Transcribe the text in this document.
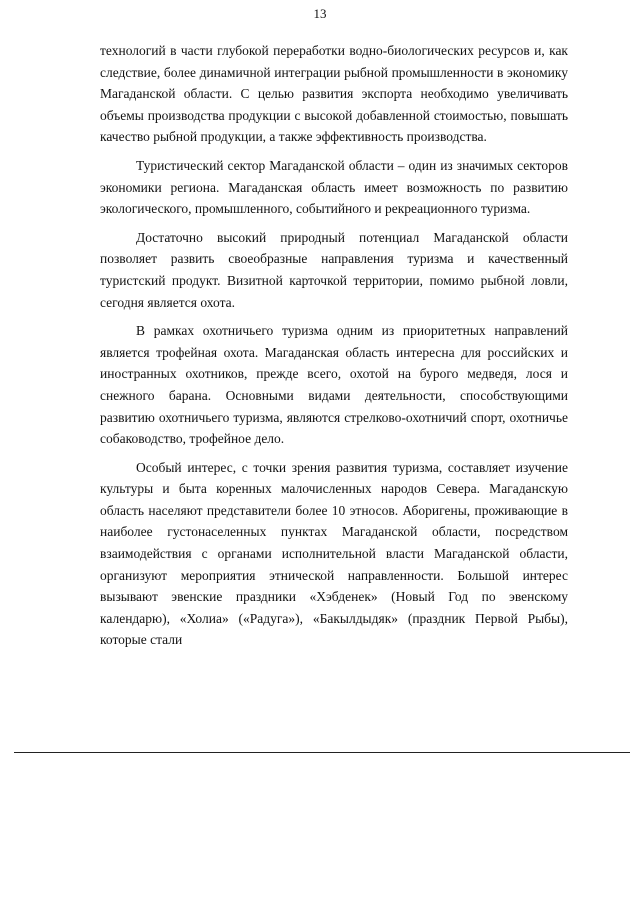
13

технологий в части глубокой переработки водно-биологических ресурсов и, как следствие, более динамичной интеграции рыбной промышленности в экономику Магаданской области. С целью развития экспорта необходимо увеличивать объемы производства продукции с высокой добавленной стоимостью, повышать качество рыбной продукции, а также эффективность производства.

Туристический сектор Магаданской области – один из значимых секторов экономики региона. Магаданская область имеет возможность по развитию экологического, промышленного, событийного и рекреационного туризма.

Достаточно высокий природный потенциал Магаданской области позволяет развить своеобразные направления туризма и качественный туристский продукт. Визитной карточкой территории, помимо рыбной ловли, сегодня является охота.

В рамках охотничьего туризма одним из приоритетных направлений является трофейная охота. Магаданская область интересна для российских и иностранных охотников, прежде всего, охотой на бурого медведя, лося и снежного барана. Основными видами деятельности, способствующими развитию охотничьего туризма, являются стрелково-охотничий спорт, охотничье собаководство, трофейное дело.

Особый интерес, с точки зрения развития туризма, составляет изучение культуры и быта коренных малочисленных народов Севера. Магаданскую область населяют представители более 10 этносов. Аборигены, проживающие в наиболее густонаселенных пунктах Магаданской области, посредством взаимодействия с органами исполнительной власти Магаданской области, организуют мероприятия этнической направленности. Большой интерес вызывают эвенские праздники «Хэбденек» (Новый Год по эвенскому календарю), «Холиа» («Радуга»), «Бакылдыдяк» (праздник Первой Рыбы), которые стали
